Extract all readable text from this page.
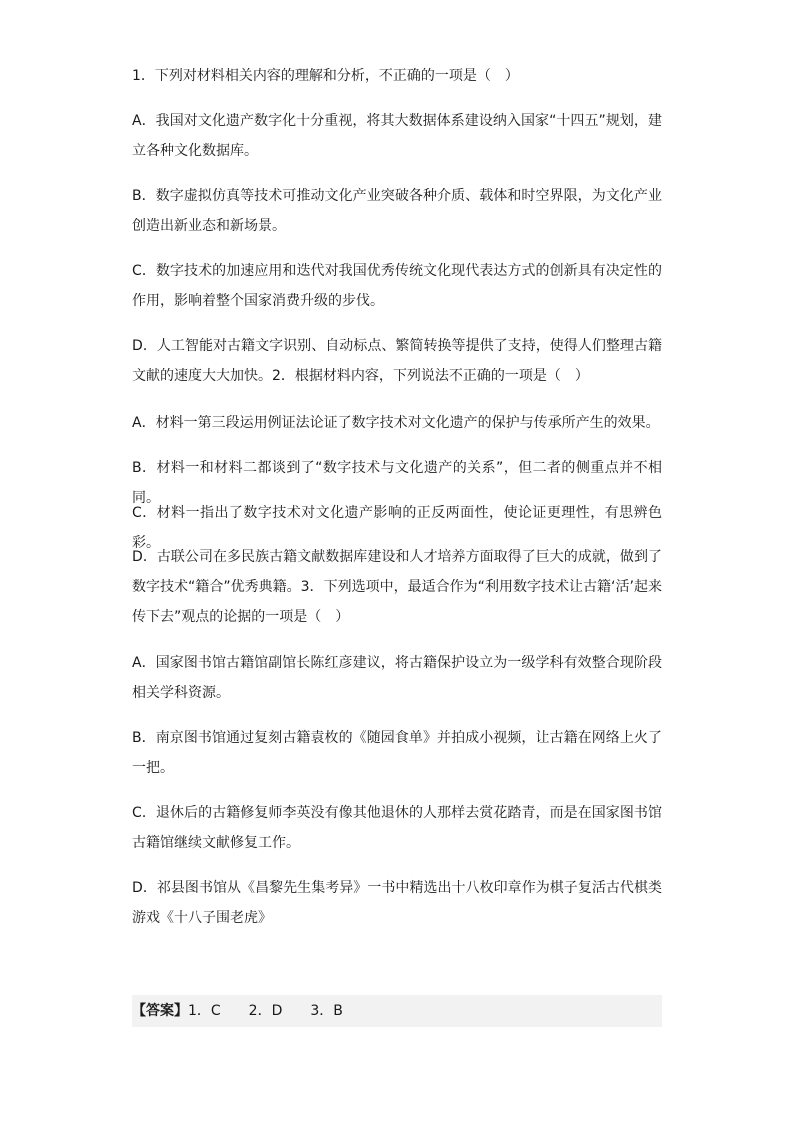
1．下列对材料相关内容的理解和分析，不正确的一项是（　）

A．我国对文化遗产数字化十分重视，将其大数据体系建设纳入国家“十四五”规划，建立各种文化数据库。

B．数字虚拟仿真等技术可推动文化产业突破各种介质、载体和时空界限，为文化产业创造出新业态和新场景。

C．数字技术的加速应用和迭代对我国优秀传统文化现代表达方式的创新具有决定性的作用，影响着整个国家消费升级的步伐。

D．人工智能对古籍文字识别、自动标点、繁简转换等提供了支持，使得人们整理古籍文献的速度大大加快。2．根据材料内容，下列说法不正确的一项是（　）

A．材料一第三段运用例证法论证了数字技术对文化遗产的保护与传承所产生的效果。

B．材料一和材料二都谈到了“数字技术与文化遗产的关系”，但二者的侧重点并不相同。

C．材料一指出了数字技术对文化遗产影响的正反两面性，使论证更理性，有思辨色彩。

D．古联公司在多民族古籍文献数据库建设和人才培养方面取得了巨大的成就，做到了数字技术“籍合”优秀典籍。3．下列选项中，最适合作为“利用数字技术让古籍‘活’起来传下去”观点的论据的一项是（　）

A．国家图书馆古籍馆副馆长陈红彦建议，将古籍保护设立为一级学科有效整合现阶段相关学科资源。

B．南京图书馆通过复刻古籍袁枚的《随园食单》并拍成小视频，让古籍在网络上火了一把。

C．退休后的古籍修复师李英没有像其他退休的人那样去赏花踏青，而是在国家图书馆古籍馆继续文献修复工作。

D．祁县图书馆从《昌黎先生集考异》一书中精选出十八枚印章作为棋子复活古代棋类游戏《十八子围老虎》

【答案】1．C　　2．D　　3．B
